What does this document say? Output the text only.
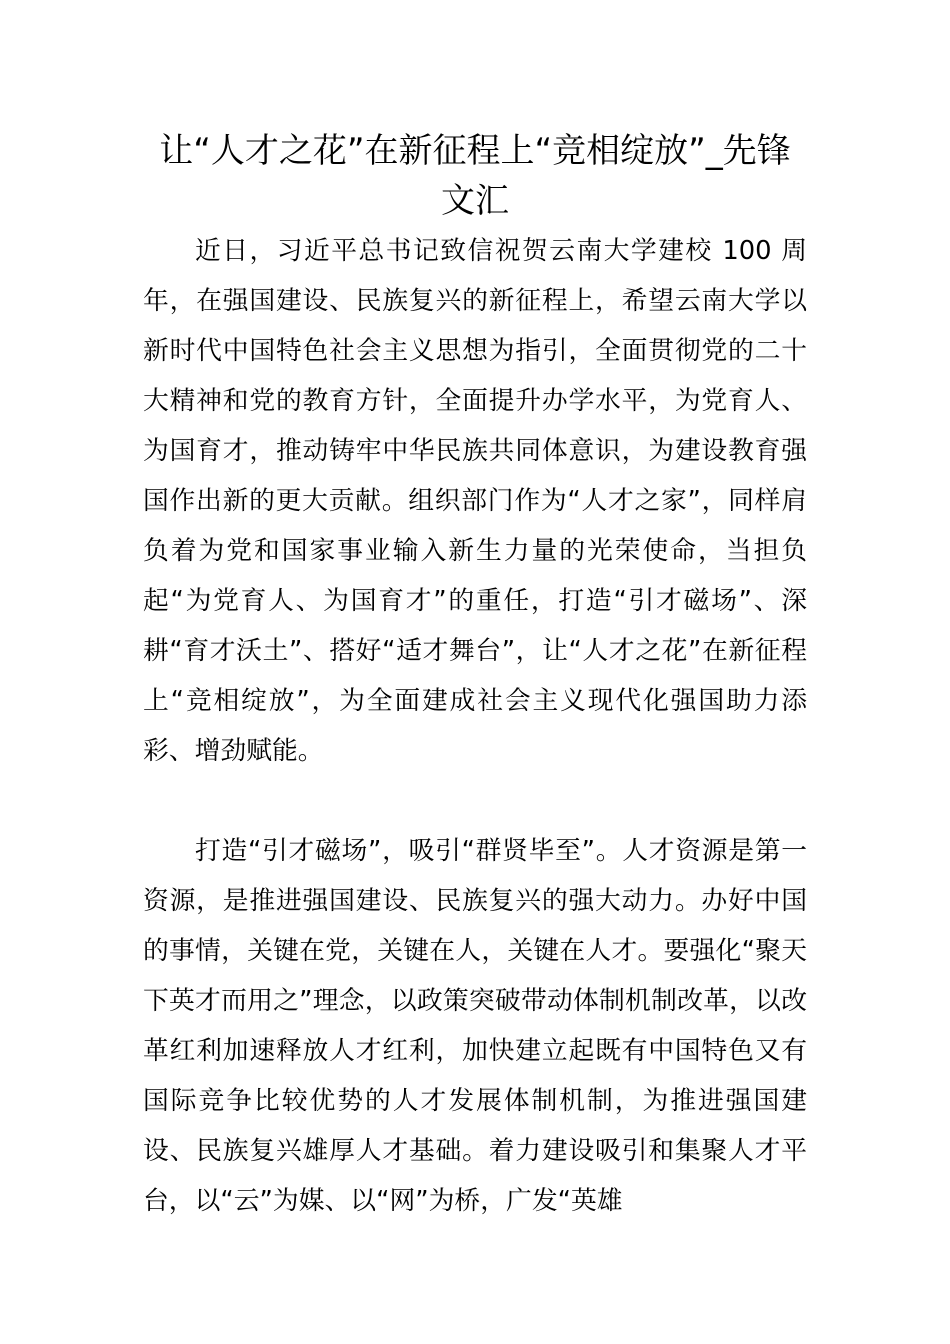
让“人才之花”在新征程上“竞相绽放”_先锋文汇

近日，习近平总书记致信祝贺云南大学建校 100 周年，在强国建设、民族复兴的新征程上，希望云南大学以新时代中国特色社会主义思想为指引，全面贯彻党的二十大精神和党的教育方针，全面提升办学水平，为党育人、为国育才，推动铸牢中华民族共同体意识，为建设教育强国作出新的更大贡献。组织部门作为“人才之家”，同样肩负着为党和国家事业输入新生力量的光荣使命，当担负起“为党育人、为国育才”的重任，打造“引才磁场”、深耕“育才沃土”、搭好“适才舞台”，让“人才之花”在新征程上“竞相绽放”，为全面建成社会主义现代化强国助力添彩、增劲赋能。

打造“引才磁场”，吸引“群贤毕至”。人才资源是第一资源，是推进强国建设、民族复兴的强大动力。办好中国的事情，关键在党，关键在人，关键在人才。要强化“聚天下英才而用之”理念，以政策突破带动体制机制改革，以改革红利加速释放人才红利，加快建立起既有中国特色又有国际竞争比较优势的人才发展体制机制，为推进强国建设、民族复兴雄厚人才基础。着力建设吸引和集聚人才平台，以“云”为媒、以“网”为桥，广发“英雄
